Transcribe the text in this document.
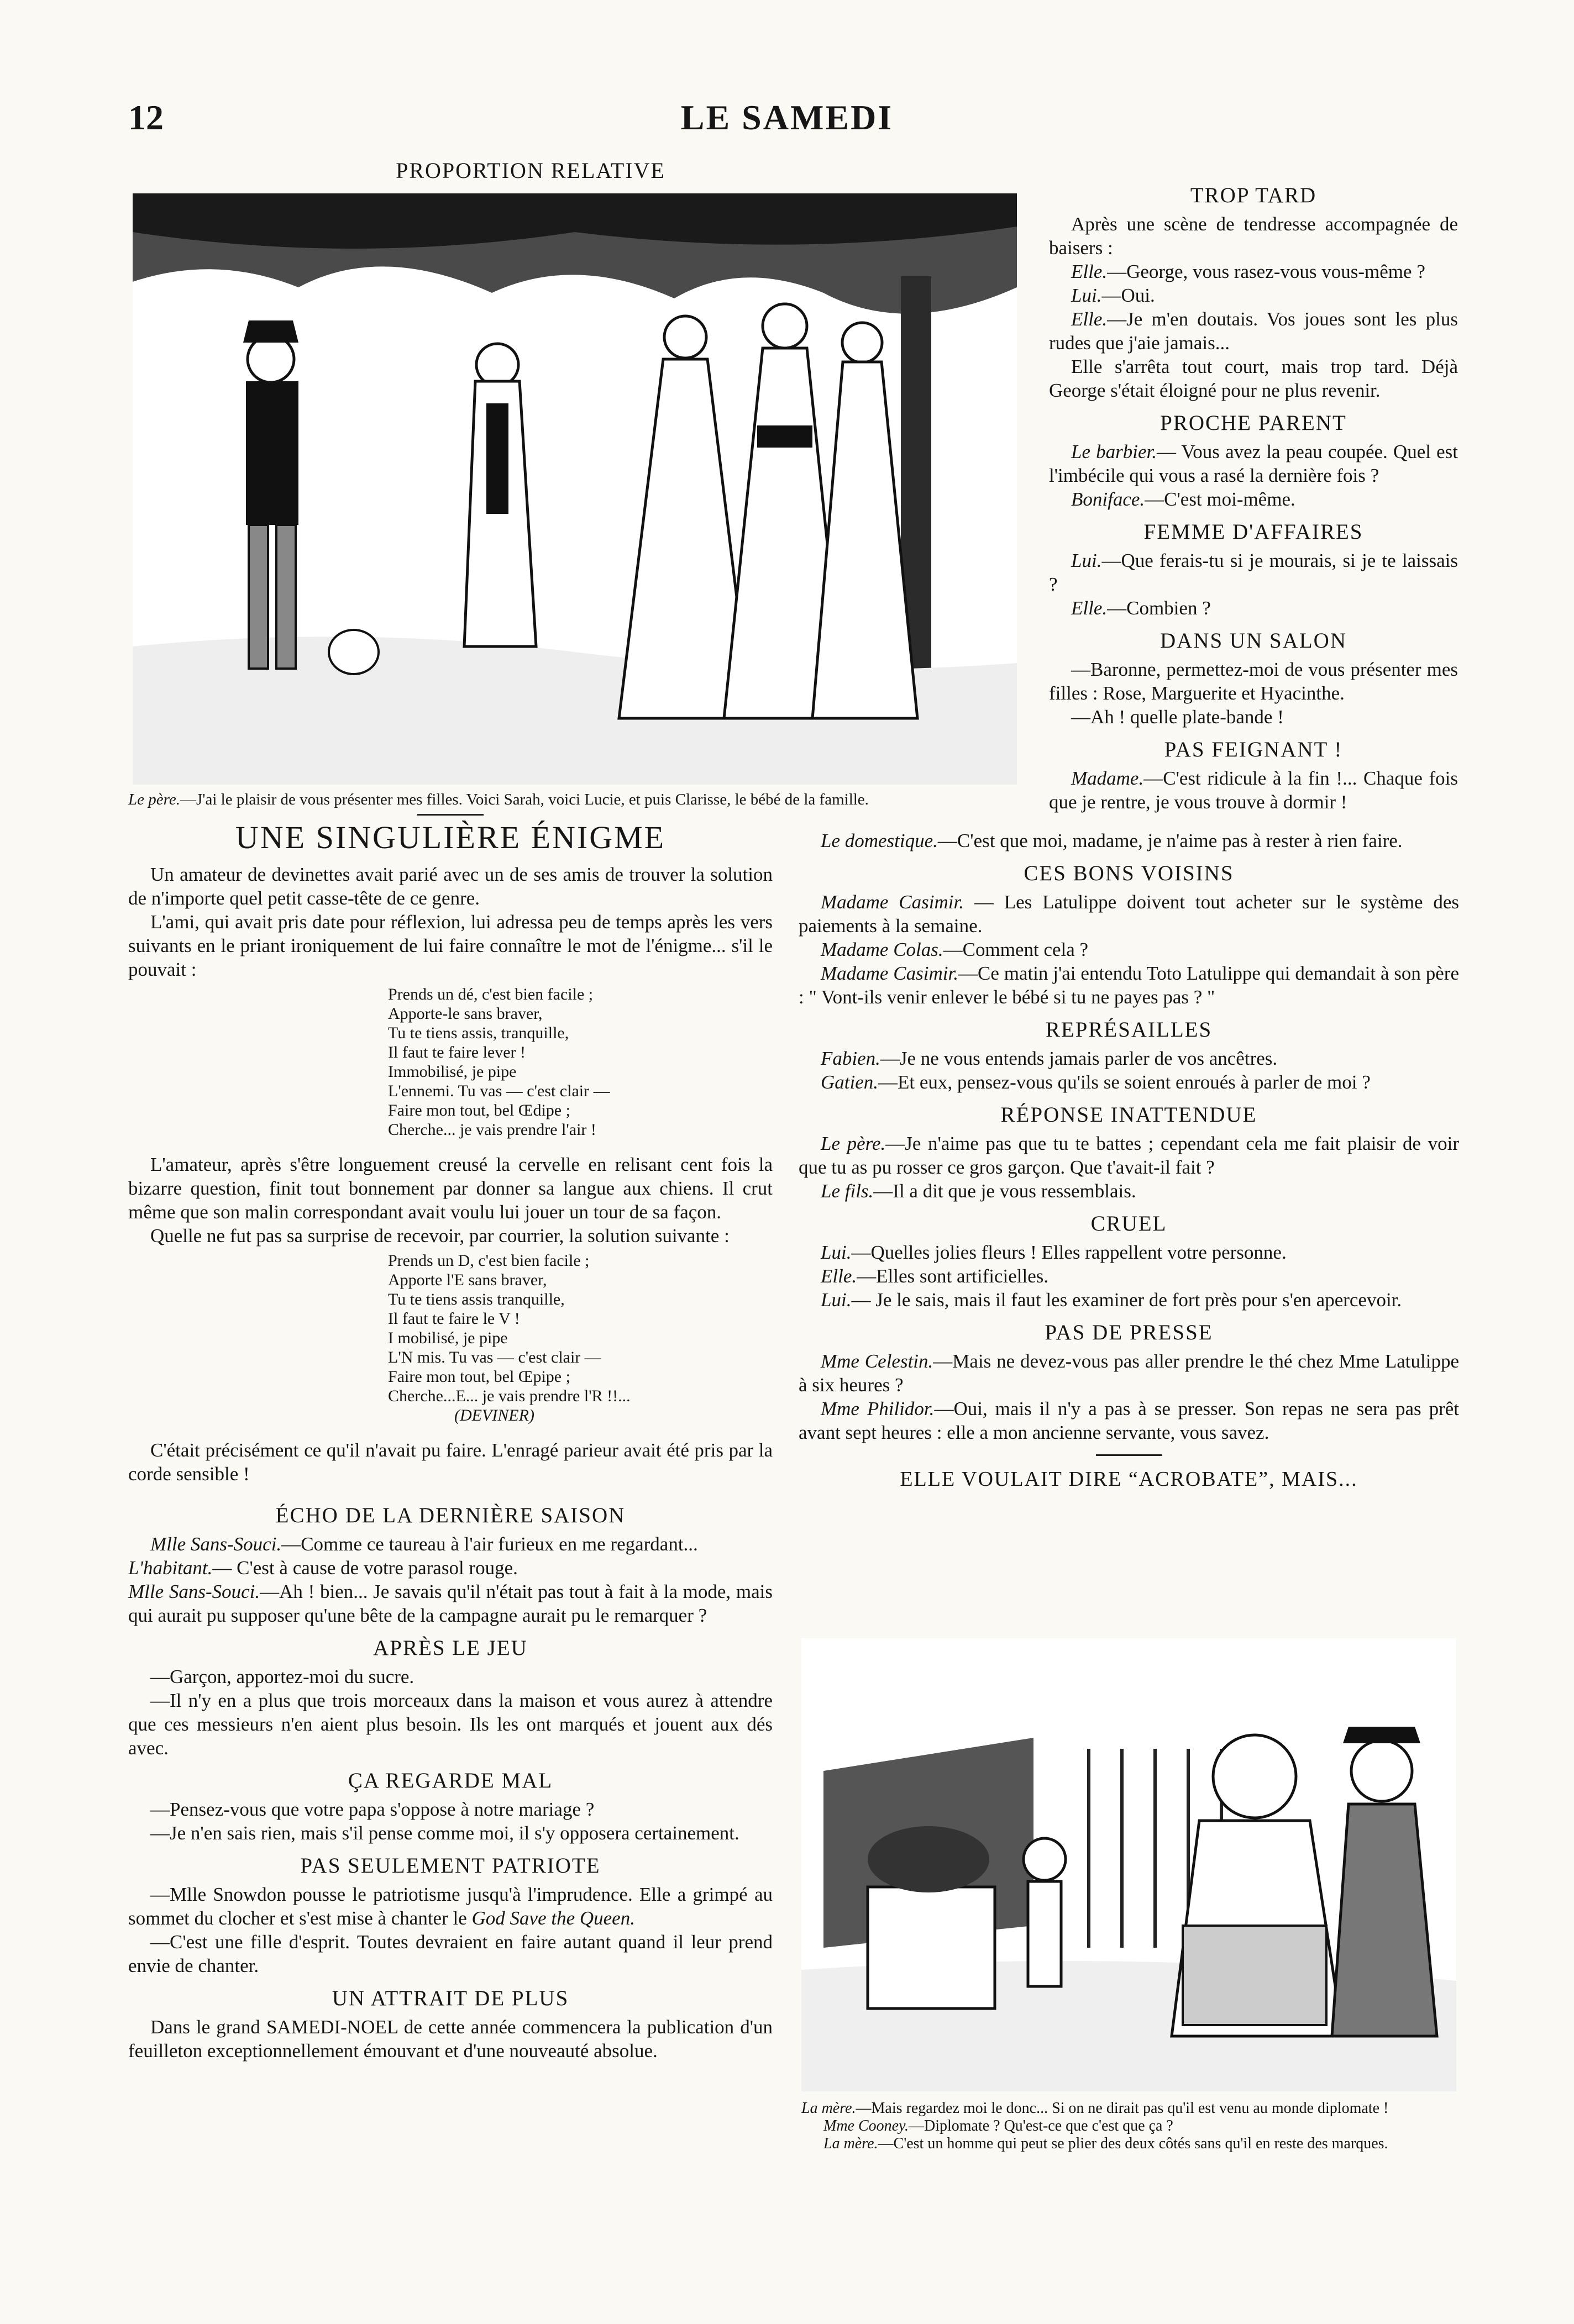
LE SAMEDI
12
PROPORTION RELATIVE
Le père.—J'ai le plaisir de vous présenter mes filles. Voici Sarah, voici Lucie, et puis Clarisse, le bébé de la famille.
TROP TARD

Après une scène de tendresse accompagnée de baisers :

Elle.—George, vous rasez-vous vous-même ?

Lui.—Oui.

Elle.—Je m'en doutais. Vos joues sont les plus rudes que j'aie jamais...

Elle s'arrêta tout court, mais trop tard. Déjà George s'était éloigné pour ne plus revenir.

PROCHE PARENT

Le barbier.— Vous avez la peau coupée. Quel est l'imbécile qui vous a rasé la dernière fois ?

Boniface.—C'est moi-même.

FEMME D'AFFAIRES

Lui.—Que ferais-tu si je mourais, si je te laissais ?

Elle.—Combien ?

DANS UN SALON

—Baronne, permettez-moi de vous présenter mes filles : Rose, Marguerite et Hyacinthe.

—Ah ! quelle plate-bande !

PAS FEIGNANT !

Madame.—C'est ridicule à la fin !... Chaque fois que je rentre, je vous trouve à dormir !

UNE SINGULIÈRE ÉNIGME

Un amateur de devinettes avait parié avec un de ses amis de trouver la solution de n'importe quel petit casse-tête de ce genre.

L'ami, qui avait pris date pour réflexion, lui adressa peu de temps après les vers suivants en le priant ironiquement de lui faire connaître le mot de l'énigme... s'il le pouvait :

Prends un dé, c'est bien facile ;
Apporte-le sans braver,
Tu te tiens assis, tranquille,
Il faut te faire lever !
Immobilisé, je pipe
L'ennemi. Tu vas — c'est clair —
Faire mon tout, bel Œdipe ;
Cherche... je vais prendre l'air !

L'amateur, après s'être longuement creusé la cervelle en relisant cent fois la bizarre question, finit tout bonnement par donner sa langue aux chiens. Il crut même que son malin correspondant avait voulu lui jouer un tour de sa façon.

Quelle ne fut pas sa surprise de recevoir, par courrier, la solution suivante :

Prends un D, c'est bien facile ;
Apporte l'E sans braver,
Tu te tiens assis tranquille,
Il faut te faire le V !
I mobilisé, je pipe
L'N mis. Tu vas — c'est clair —
Faire mon tout, bel Œpipe ;
Cherche...E... je vais prendre l'R !!...
(DEVINER)

C'était précisément ce qu'il n'avait pu faire. L'enragé parieur avait été pris par la corde sensible !

ÉCHO DE LA DERNIÈRE SAISON

Mlle Sans-Souci.—Comme ce taureau à l'air furieux en me regardant...

L'habitant.— C'est à cause de votre parasol rouge.

Mlle Sans-Souci.—Ah ! bien... Je savais qu'il n'était pas tout à fait à la mode, mais qui aurait pu supposer qu'une bête de la campagne aurait pu le remarquer ?

APRÈS LE JEU

—Garçon, apportez-moi du sucre.

—Il n'y en a plus que trois morceaux dans la maison et vous aurez à attendre que ces messieurs n'en aient plus besoin. Ils les ont marqués et jouent aux dés avec.

ÇA REGARDE MAL

—Pensez-vous que votre papa s'oppose à notre mariage ?

—Je n'en sais rien, mais s'il pense comme moi, il s'y opposera certainement.

PAS SEULEMENT PATRIOTE

—Mlle Snowdon pousse le patriotisme jusqu'à l'imprudence. Elle a grimpé au sommet du clocher et s'est mise à chanter le God Save the Queen.

—C'est une fille d'esprit. Toutes devraient en faire autant quand il leur prend envie de chanter.

UN ATTRAIT DE PLUS

Dans le grand SAMEDI-NOEL de cette année commencera la publication d'un feuilleton exceptionnellement émouvant et d'une nouveauté absolue.

Le domestique.—C'est que moi, madame, je n'aime pas à rester à rien faire.

CES BONS VOISINS

Madame Casimir. — Les Latulippe doivent tout acheter sur le système des paiements à la semaine.

Madame Colas.—Comment cela ?

Madame Casimir.—Ce matin j'ai entendu Toto Latulippe qui demandait à son père : " Vont-ils venir enlever le bébé si tu ne payes pas ? "

REPRÉSAILLES

Fabien.—Je ne vous entends jamais parler de vos ancêtres.

Gatien.—Et eux, pensez-vous qu'ils se soient enroués à parler de moi ?

RÉPONSE INATTENDUE

Le père.—Je n'aime pas que tu te battes ; cependant cela me fait plaisir de voir que tu as pu rosser ce gros garçon. Que t'avait-il fait ?

Le fils.—Il a dit que je vous ressemblais.

CRUEL

Lui.—Quelles jolies fleurs ! Elles rappellent votre personne.

Elle.—Elles sont artificielles.

Lui.— Je le sais, mais il faut les examiner de fort près pour s'en apercevoir.

PAS DE PRESSE

Mme Celestin.—Mais ne devez-vous pas aller prendre le thé chez Mme Latulippe à six heures ?

Mme Philidor.—Oui, mais il n'y a pas à se presser. Son repas ne sera pas prêt avant sept heures : elle a mon ancienne servante, vous savez.

ELLE VOULAIT DIRE “ACROBATE”, MAIS...
La mère.—Mais regardez moi le donc... Si on ne dirait pas qu'il est venu au monde diplomate !
Mme Cooney.—Diplomate ? Qu'est-ce que c'est que ça ?
La mère.—C'est un homme qui peut se plier des deux côtés sans qu'il en reste des marques.
